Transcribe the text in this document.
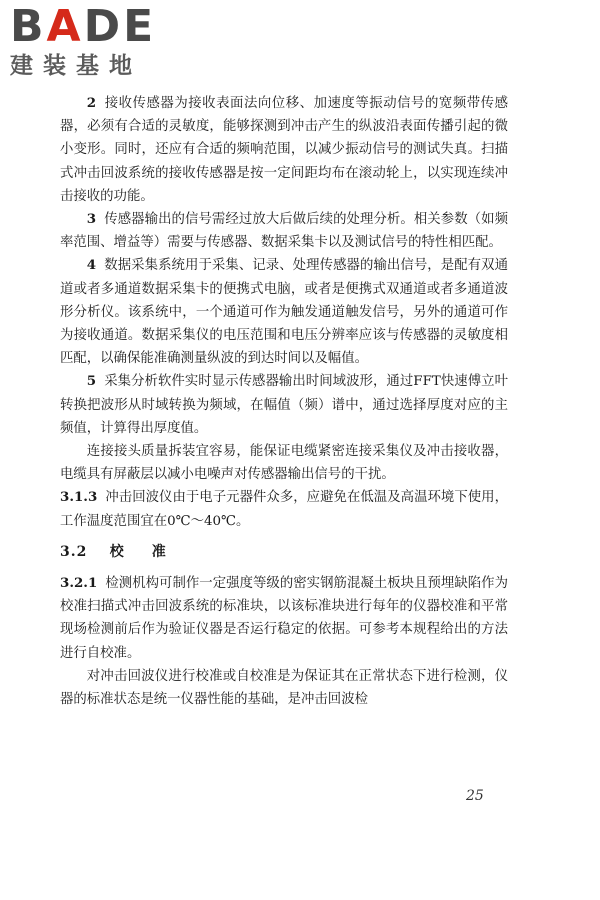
BADE
建装基地

2 接收传感器为接收表面法向位移、加速度等振动信号的宽频带传感器，必须有合适的灵敏度，能够探测到冲击产生的纵波沿表面传播引起的微小变形。同时，还应有合适的频响范围，以减少振动信号的测试失真。扫描式冲击回波系统的接收传感器是按一定间距均布在滚动轮上，以实现连续冲击接收的功能。

3 传感器输出的信号需经过放大后做后续的处理分析。相关参数（如频率范围、增益等）需要与传感器、数据采集卡以及测试信号的特性相匹配。

4 数据采集系统用于采集、记录、处理传感器的输出信号，是配有双通道或者多通道数据采集卡的便携式电脑，或者是便携式双通道或者多通道波形分析仪。该系统中，一个通道可作为触发通道触发信号，另外的通道可作为接收通道。数据采集仪的电压范围和电压分辨率应该与传感器的灵敏度相匹配，以确保能准确测量纵波的到达时间以及幅值。

5 采集分析软件实时显示传感器输出时间域波形，通过FFT快速傅立叶转换把波形从时域转换为频域，在幅值（频）谱中，通过选择厚度对应的主频值，计算得出厚度值。

连接接头质量拆装宜容易，能保证电缆紧密连接采集仪及冲击接收器，电缆具有屏蔽层以减小电噪声对传感器输出信号的干扰。

3.1.3 冲击回波仪由于电子元器件众多，应避免在低温及高温环境下使用，工作温度范围宜在0℃～40℃。

3.2 校准

3.2.1 检测机构可制作一定强度等级的密实钢筋混凝土板块且预埋缺陷作为校准扫描式冲击回波系统的标准块，以该标准块进行每年的仪器校准和平常现场检测前后作为验证仪器是否运行稳定的依据。可参考本规程给出的方法进行自校准。

对冲击回波仪进行校准或自校准是为保证其在正常状态下进行检测，仪器的标准状态是统一仪器性能的基础，是冲击回波检

25
